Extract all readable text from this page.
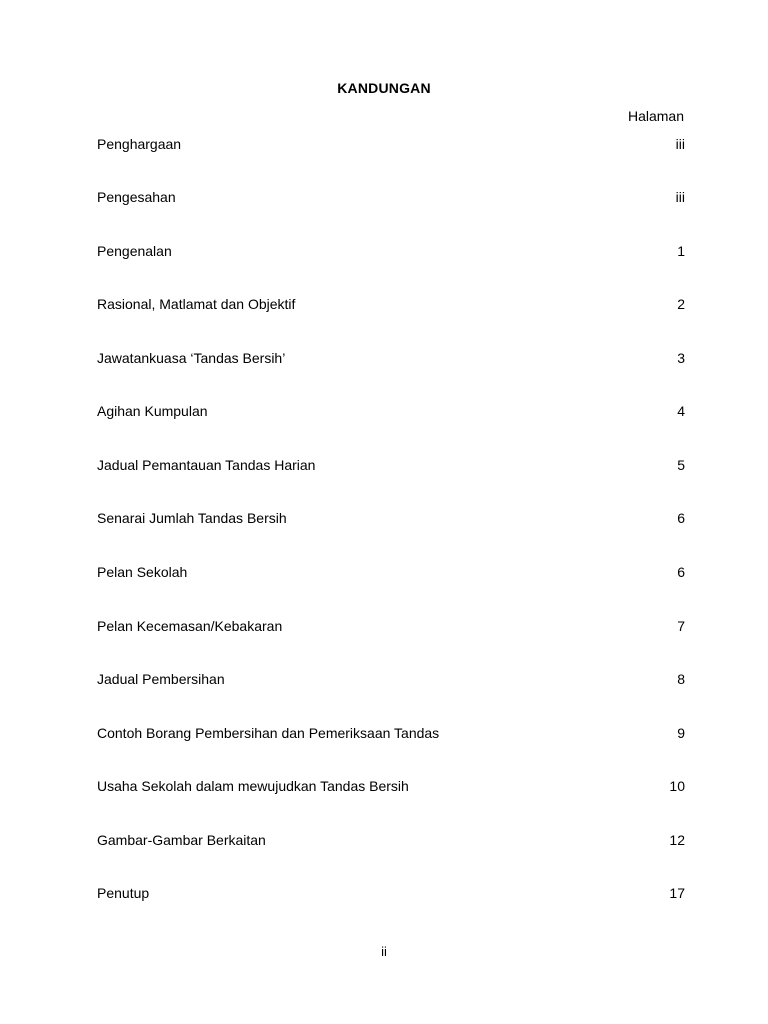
KANDUNGAN
Halaman
Penghargaan	iii
Pengesahan	iii
Pengenalan	1
Rasional, Matlamat dan Objektif	2
Jawatankuasa ‘Tandas Bersih’	3
Agihan Kumpulan	4
Jadual Pemantauan Tandas Harian	5
Senarai Jumlah Tandas Bersih	6
Pelan Sekolah	6
Pelan Kecemasan/Kebakaran	7
Jadual Pembersihan	8
Contoh Borang Pembersihan dan Pemeriksaan Tandas	9
Usaha Sekolah dalam mewujudkan Tandas Bersih	10
Gambar-Gambar Berkaitan	12
Penutup	17
ii
